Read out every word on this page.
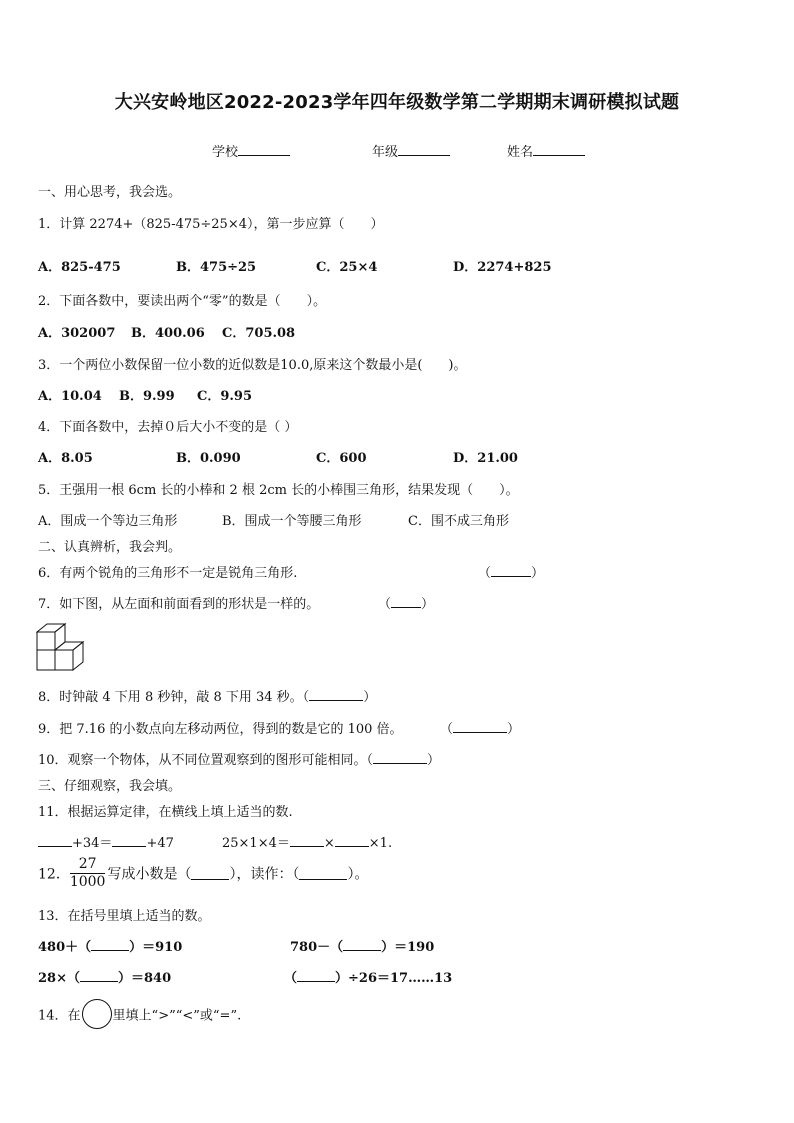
大兴安岭地区2022-2023学年四年级数学第二学期期末调研模拟试题
学校	年级	姓名
一、用心思考，我会选。
1．计算 2274+（825-475÷25×4），第一步应算（　　）
A．825-475	B．475÷25	C．25×4	D．2274+825
2．下面各数中，要读出两个“零”的数是（　　）。
A．302007 B．400.06 C．705.08
3．一个两位小数保留一位小数的近似数是10.0,原来这个数最小是(　　)。
A．10.04 B．9.99 C．9.95
4．下面各数中，去掉０后大小不变的是（ ）
A．8.05	B．0.090	C．600	D．21.00
5．王强用一根 6cm 长的小棒和 2 根 2cm 长的小棒围三角形，结果发现（　　）。
A．围成一个等边三角形	B．围成一个等腰三角形	C．围不成三角形
二、认真辨析，我会判。
6．有两个锐角的三角形不一定是锐角三角形.	（	）
7．如下图，从左面和前面看到的形状是一样的。	（ ）
8．时钟敲 4 下用 8 秒钟，敲 8 下用 34 秒。（	）
9．把 7.16 的小数点向左移动两位，得到的数是它的 100 倍。	（	）
10．观察一个物体，从不同位置观察到的图形可能相同。（	）
三、仔细观察，我会填。
11．根据运算定律，在横线上填上适当的数.
+34＝	+47	25×1×4＝	×	×1.
12． $\frac{27}{1000}$ 写成小数是（	），读作：（	）。
13．在括号里填上适当的数。
480＋（	）＝910	780－（	）＝190
28×（	）＝840	（	）÷26＝17……13
14．在 里填上“>”“<”或“=”.
